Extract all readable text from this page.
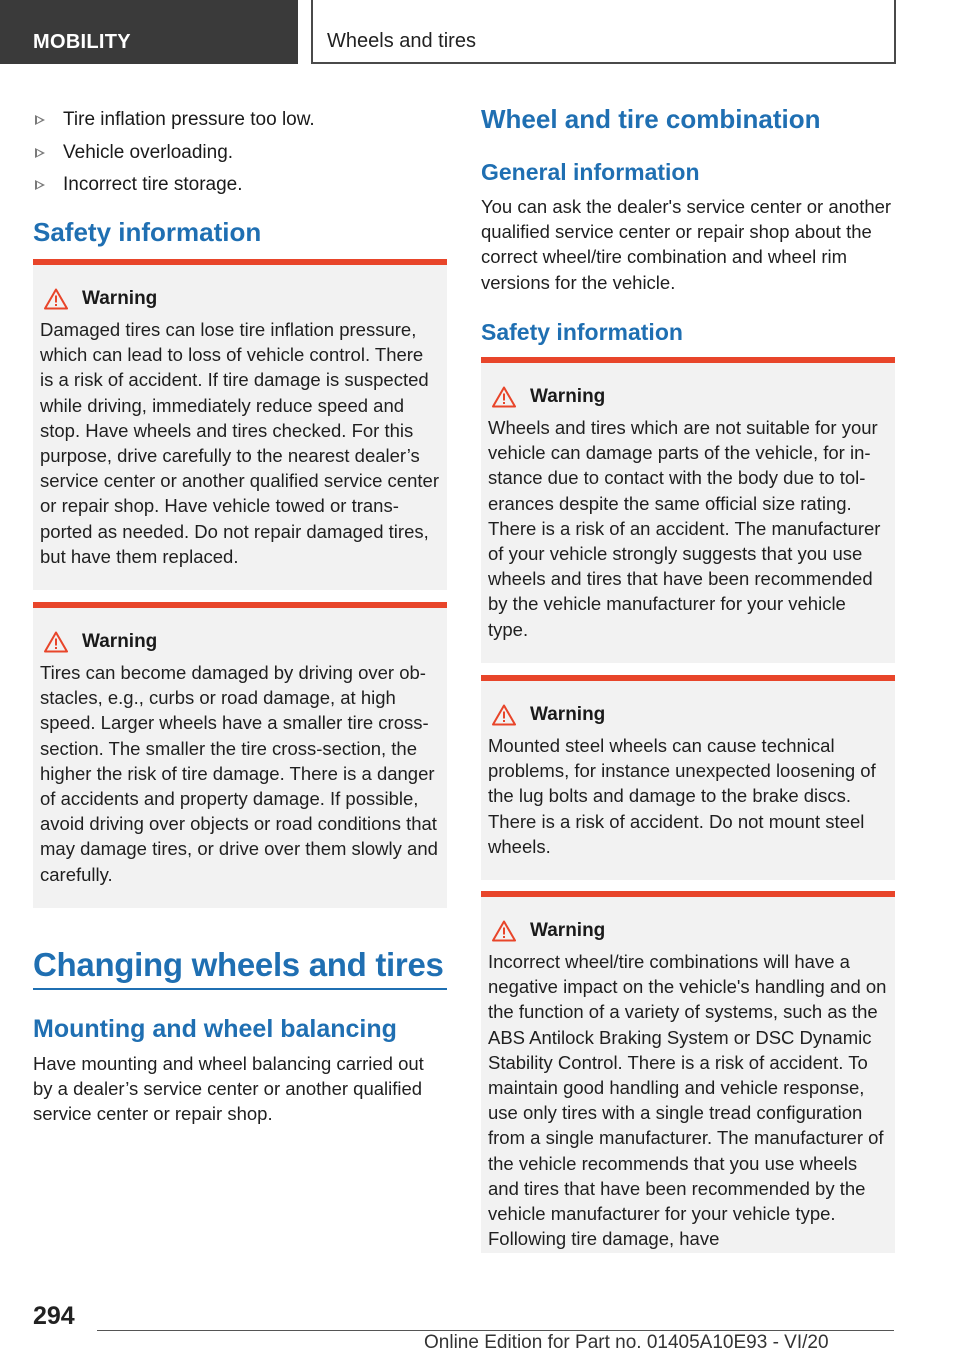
MOBILITY	Wheels and tires
Tire inflation pressure too low.
Vehicle overloading.
Incorrect tire storage.
Safety information
Warning
Damaged tires can lose tire inflation pressure, which can lead to loss of vehicle control. There is a risk of accident. If tire damage is suspected while driving, immediately reduce speed and stop. Have wheels and tires checked. For this purpose, drive carefully to the nearest dealer’s service center or another qualified service center or repair shop. Have vehicle towed or transported as needed. Do not repair damaged tires, but have them replaced.
Warning
Tires can become damaged by driving over obstacles, e.g., curbs or road damage, at high speed. Larger wheels have a smaller tire cross-section. The smaller the tire cross-section, the higher the risk of tire damage. There is a danger of accidents and property damage. If possible, avoid driving over objects or road conditions that may damage tires, or drive over them slowly and carefully.
Changing wheels and tires
Mounting and wheel balancing
Have mounting and wheel balancing carried out by a dealer’s service center or another qualified service center or repair shop.
Wheel and tire combination
General information
You can ask the dealer's service center or another qualified service center or repair shop about the correct wheel/tire combination and wheel rim versions for the vehicle.
Safety information
Warning
Wheels and tires which are not suitable for your vehicle can damage parts of the vehicle, for instance due to contact with the body due to tolerances despite the same official size rating. There is a risk of an accident. The manufacturer of your vehicle strongly suggests that you use wheels and tires that have been recommended by the vehicle manufacturer for your vehicle type.
Warning
Mounted steel wheels can cause technical problems, for instance unexpected loosening of the lug bolts and damage to the brake discs. There is a risk of accident. Do not mount steel wheels.
Warning
Incorrect wheel/tire combinations will have a negative impact on the vehicle's handling and on the function of a variety of systems, such as the ABS Antilock Braking System or DSC Dynamic Stability Control. There is a risk of accident. To maintain good handling and vehicle response, use only tires with a single tread configuration from a single manufacturer. The manufacturer of the vehicle recommends that you use wheels and tires that have been recommended by the vehicle manufacturer for your vehicle type. Following tire damage, have
294
Online Edition for Part no. 01405A10E93 - VI/20
